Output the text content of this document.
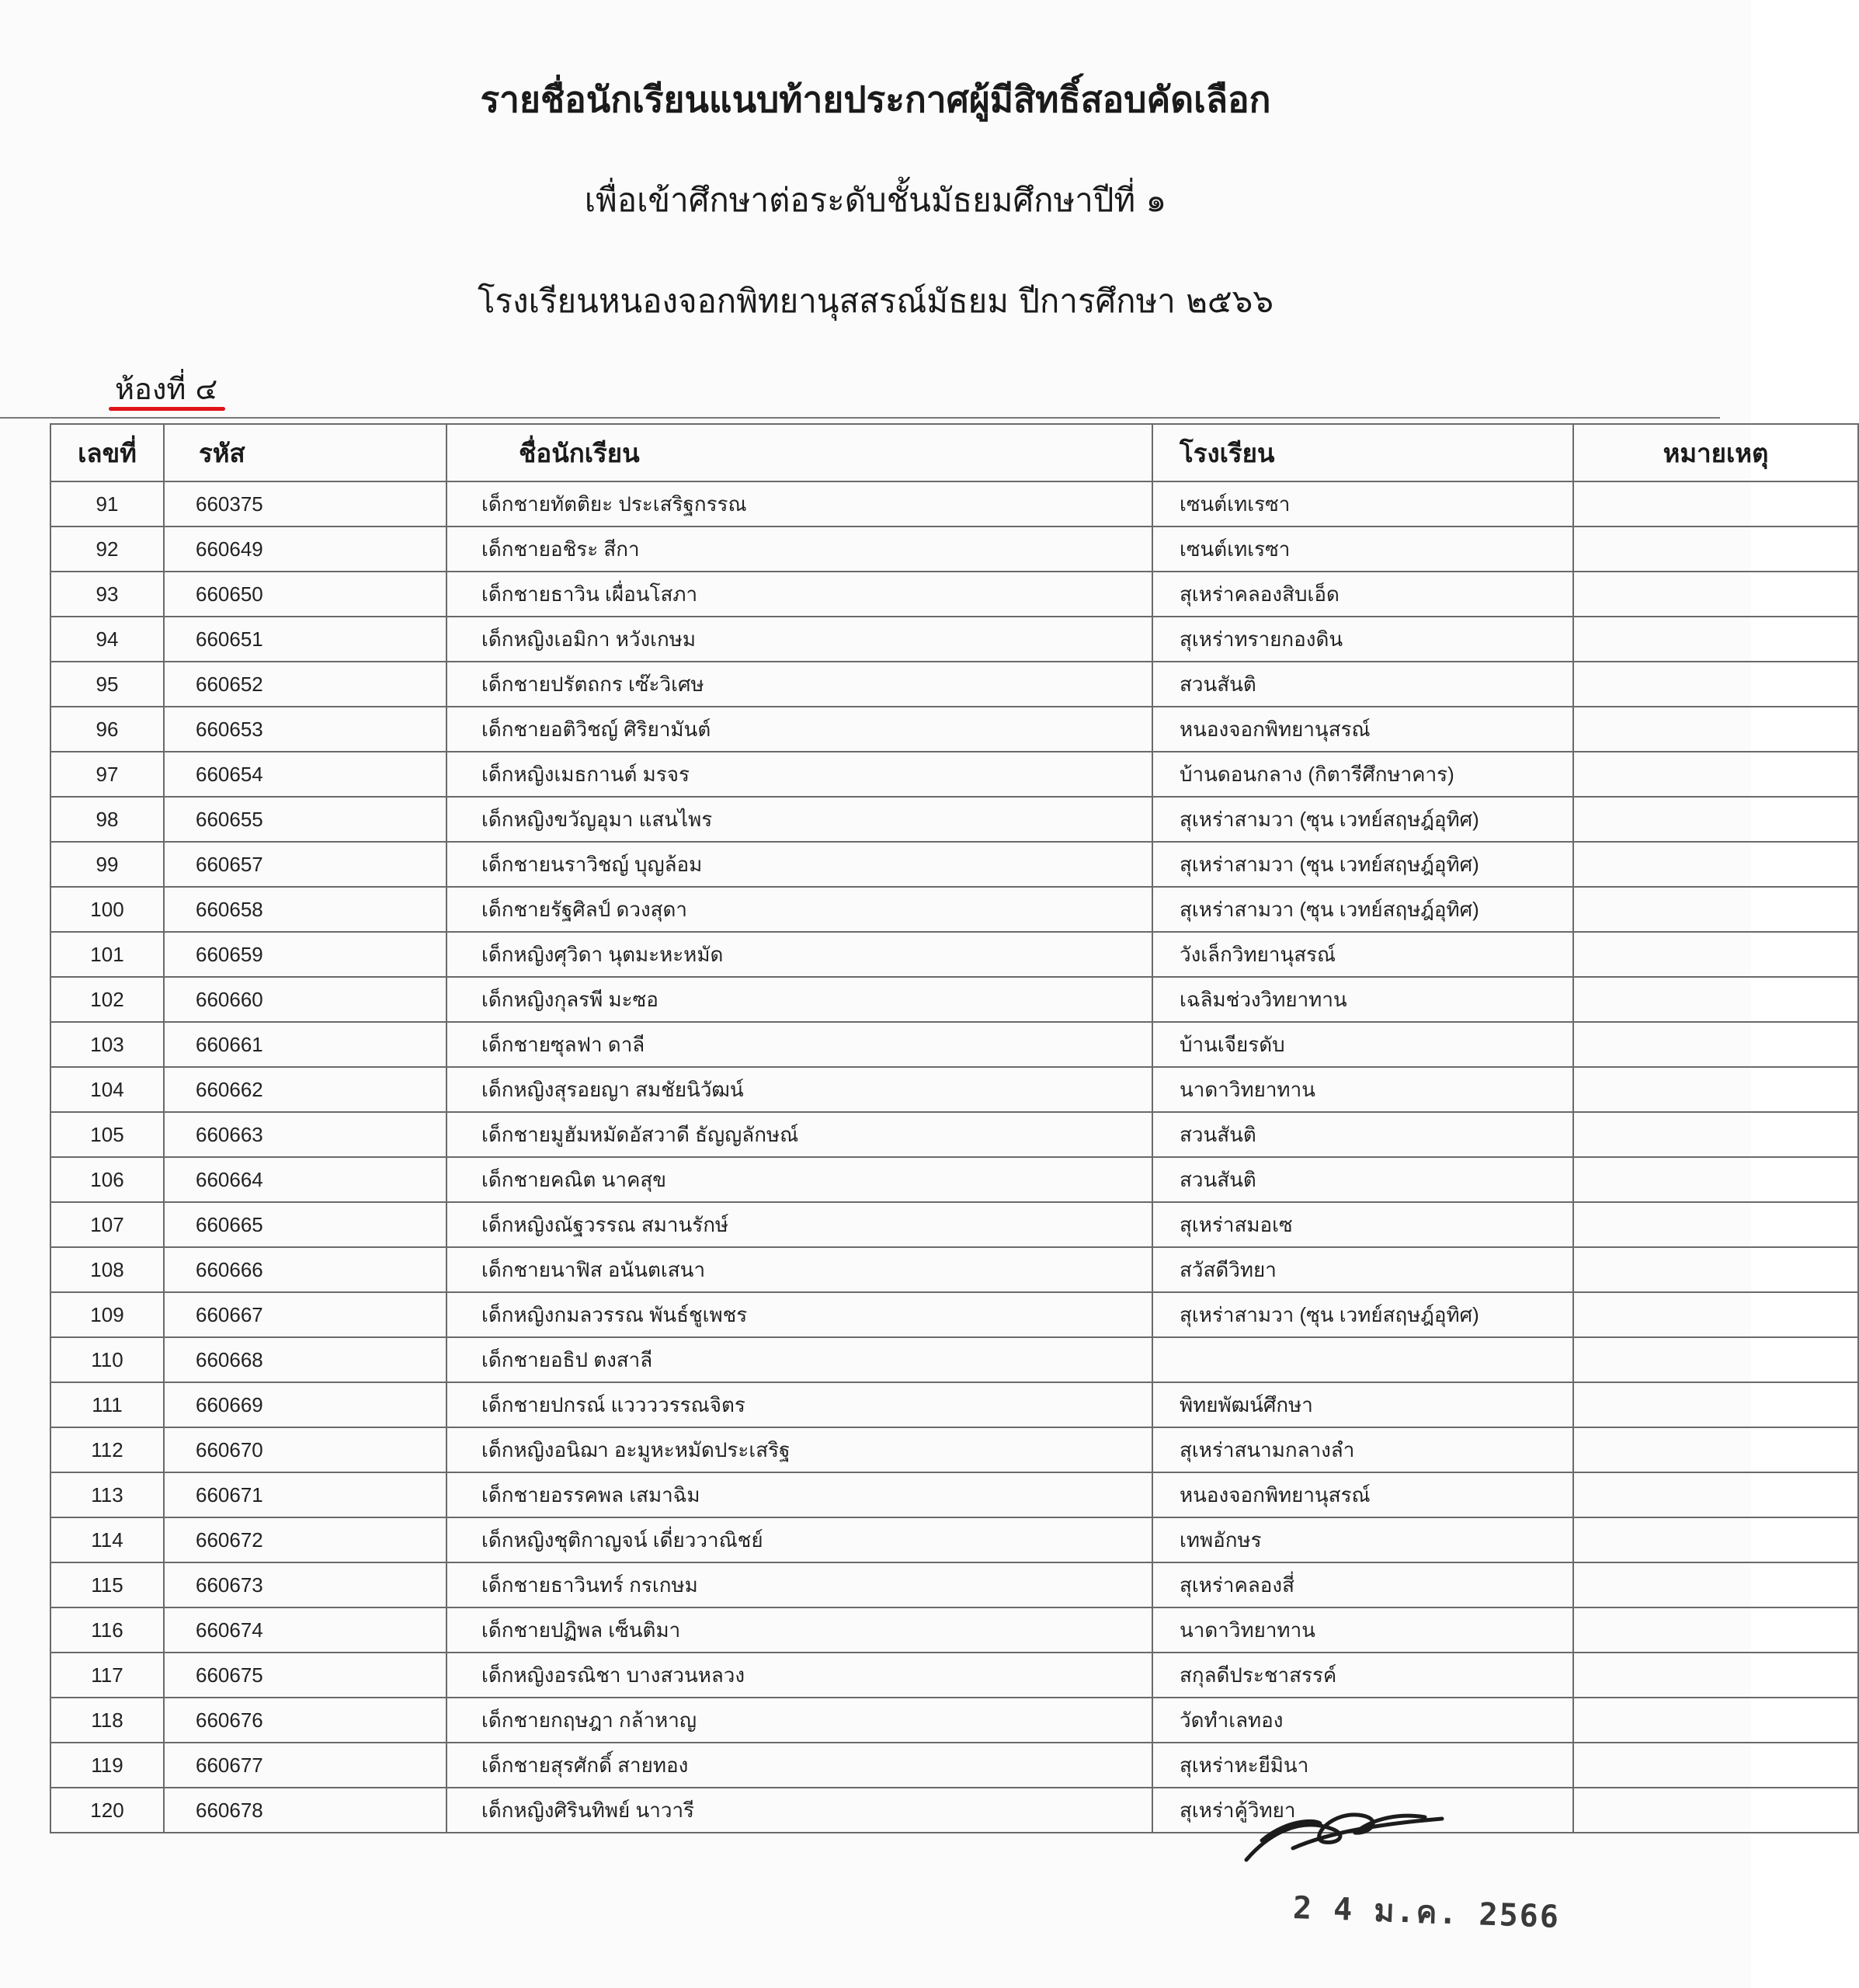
รายชื่อนักเรียนแนบท้ายประกาศผู้มีสิทธิ์สอบคัดเลือก
เพื่อเข้าศึกษาต่อระดับชั้นมัธยมศึกษาปีที่ ๑
โรงเรียนหนองจอกพิทยานุสสรณ์มัธยม ปีการศึกษา ๒๕๖๖
ห้องที่ ๔
เลขที่	รหัส	ชื่อนักเรียน	โรงเรียน	หมายเหตุ
91	660375	เด็กชายทัตติยะ ประเสริฐกรรณ	เซนต์เทเรซา	
92	660649	เด็กชายอชิระ สีกา	เซนต์เทเรซา	
93	660650	เด็กชายธาวิน เผื่อนโสภา	สุเหร่าคลองสิบเอ็ด	
94	660651	เด็กหญิงเอมิกา หวังเกษม	สุเหร่าทรายกองดิน	
95	660652	เด็กชายปรัตถกร เซ๊ะวิเศษ	สวนสันติ	
96	660653	เด็กชายอติวิชญ์ ศิริยามันต์	หนองจอกพิทยานุสรณ์	
97	660654	เด็กหญิงเมธกานต์ มรจร	บ้านดอนกลาง (กิตารีศึกษาคาร)	
98	660655	เด็กหญิงขวัญอุมา แสนไพร	สุเหร่าสามวา (ซุน เวทย์สฤษฎ์อุทิศ)	
99	660657	เด็กชายนราวิชญ์ บุญล้อม	สุเหร่าสามวา (ซุน เวทย์สฤษฎ์อุทิศ)	
100	660658	เด็กชายรัฐศิลป์ ดวงสุดา	สุเหร่าสามวา (ซุน เวทย์สฤษฎ์อุทิศ)	
101	660659	เด็กหญิงศุวิดา นุตมะหะหมัด	วังเล็กวิทยานุสรณ์	
102	660660	เด็กหญิงกุลรพี มะซอ	เฉลิมช่วงวิทยาทาน	
103	660661	เด็กชายซุลฟา ดาลี	บ้านเจียรดับ	
104	660662	เด็กหญิงสุรอยญา สมชัยนิวัฒน์	นาดาวิทยาทาน	
105	660663	เด็กชายมูฮัมหมัดอัสวาดี ธัญญลักษณ์	สวนสันติ	
106	660664	เด็กชายคณิต นาคสุข	สวนสันติ	
107	660665	เด็กหญิงณัฐวรรณ สมานรักษ์	สุเหร่าสมอเซ	
108	660666	เด็กชายนาฟิส อนันตเสนา	สวัสดีวิทยา	
109	660667	เด็กหญิงกมลวรรณ พันธ์ชูเพชร	สุเหร่าสามวา (ซุน เวทย์สฤษฎ์อุทิศ)	
110	660668	เด็กชายอธิป ตงสาลี		
111	660669	เด็กชายปกรณ์ แววววรรณจิตร	พิทยพัฒน์ศึกษา	
112	660670	เด็กหญิงอนิฌา อะมูหะหมัดประเสริฐ	สุเหร่าสนามกลางลำ	
113	660671	เด็กชายอรรคพล เสมาฉิม	หนองจอกพิทยานุสรณ์	
114	660672	เด็กหญิงชุติกาญจน์ เดี่ยววาณิชย์	เทพอักษร	
115	660673	เด็กชายธาวินทร์ กรเกษม	สุเหร่าคลองสี่	
116	660674	เด็กชายปฏิพล เซ็นติมา	นาดาวิทยาทาน	
117	660675	เด็กหญิงอรณิชา บางสวนหลวง	สกุลดีประชาสรรค์	
118	660676	เด็กชายกฤษฎา กล้าหาญ	วัดทำเลทอง	
119	660677	เด็กชายสุรศักดิ์ สายทอง	สุเหร่าหะยีมินา	
120	660678	เด็กหญิงศิรินทิพย์ นาวารี	สุเหร่าคู้วิทยา	
2 4 ม.ค. 2566
